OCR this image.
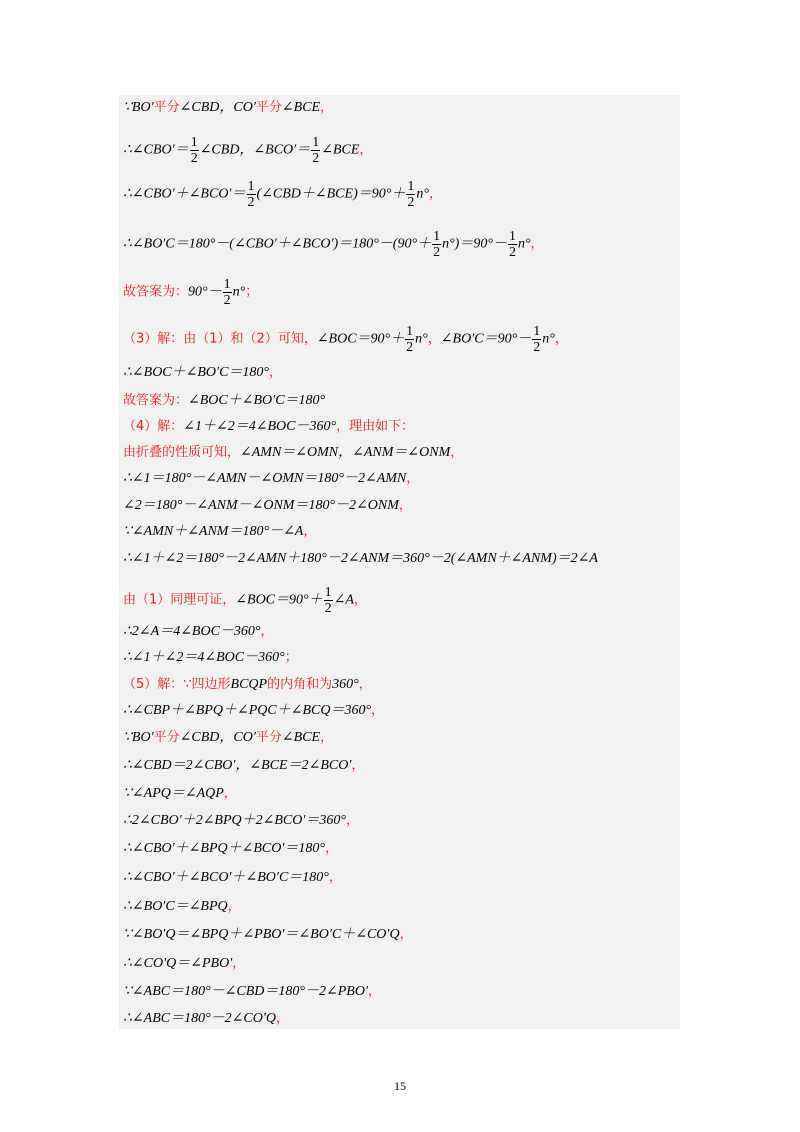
∵BO′平分∠CBD，CO′平分∠BCE，
∴∠CBO′＝ $\frac{1}{2}$ ∠CBD，∠BCO′＝ $\frac{1}{2}$ ∠BCE，
∴∠CBO′＋∠BCO′＝ $\frac{1}{2}$ (∠CBD＋∠BCE)＝90°＋ $\frac{1}{2} n^\circ$，
∴∠BO′C＝180°－(∠CBO′＋∠BCO′)＝180°－(90°＋ $\frac{1}{2} n^\circ)=90^\circ- \frac{1}{2} n^\circ$，
故答案为：$90^\circ- \frac{1}{2} n^\circ$；
（3）解：由（1）和（2）可知，∠BOC＝90°＋ $\frac{1}{2} n^\circ$，∠BO′C＝90°－ $\frac{1}{2} n^\circ$，
∴∠BOC＋∠BO′C＝180°，
故答案为：∠BOC＋∠BO′C＝180°
（4）解：∠1＋∠2＝4∠BOC－360°，理由如下：
由折叠的性质可知，∠AMN＝∠OMN，∠ANM＝∠ONM，
∴∠1＝180°－∠AMN－∠OMN＝180°－2∠AMN，
∠2＝180°－∠ANM－∠ONM＝180°－2∠ONM，
∵∠AMN＋∠ANM＝180°－∠A，
∴∠1＋∠2＝180°－2∠AMN＋180°－2∠ANM＝360°－2(∠AMN＋∠ANM)＝2∠A
由（1）同理可证，∠BOC＝90°＋ $\frac{1}{2}$ ∠A，
∴2∠A＝4∠BOC－360°，
∴∠1＋∠2＝4∠BOC－360°；
（5）解：∵四边形BCQP的内角和为360°，
∴∠CBP＋∠BPQ＋∠PQC＋∠BCQ＝360°，
∵BO′平分∠CBD，CO′平分∠BCE，
∴∠CBD＝2∠CBO′，∠BCE＝2∠BCO′，
∵∠APQ＝∠AQP，
∴2∠CBO′＋2∠BPQ＋2∠BCO′＝360°，
∴∠CBO′＋∠BPQ＋∠BCO′＝180°，
∴∠CBO′＋∠BCO′＋∠BO′C＝180°，
∴∠BO′C＝∠BPQ，
∵∠BO′Q＝∠BPQ＋∠PBO′＝∠BO′C＋∠CO′Q，
∴∠CO′Q＝∠PBO′，
∵∠ABC＝180°－∠CBD＝180°－2∠PBO′，
∴∠ABC＝180°－2∠CO′Q，
15
